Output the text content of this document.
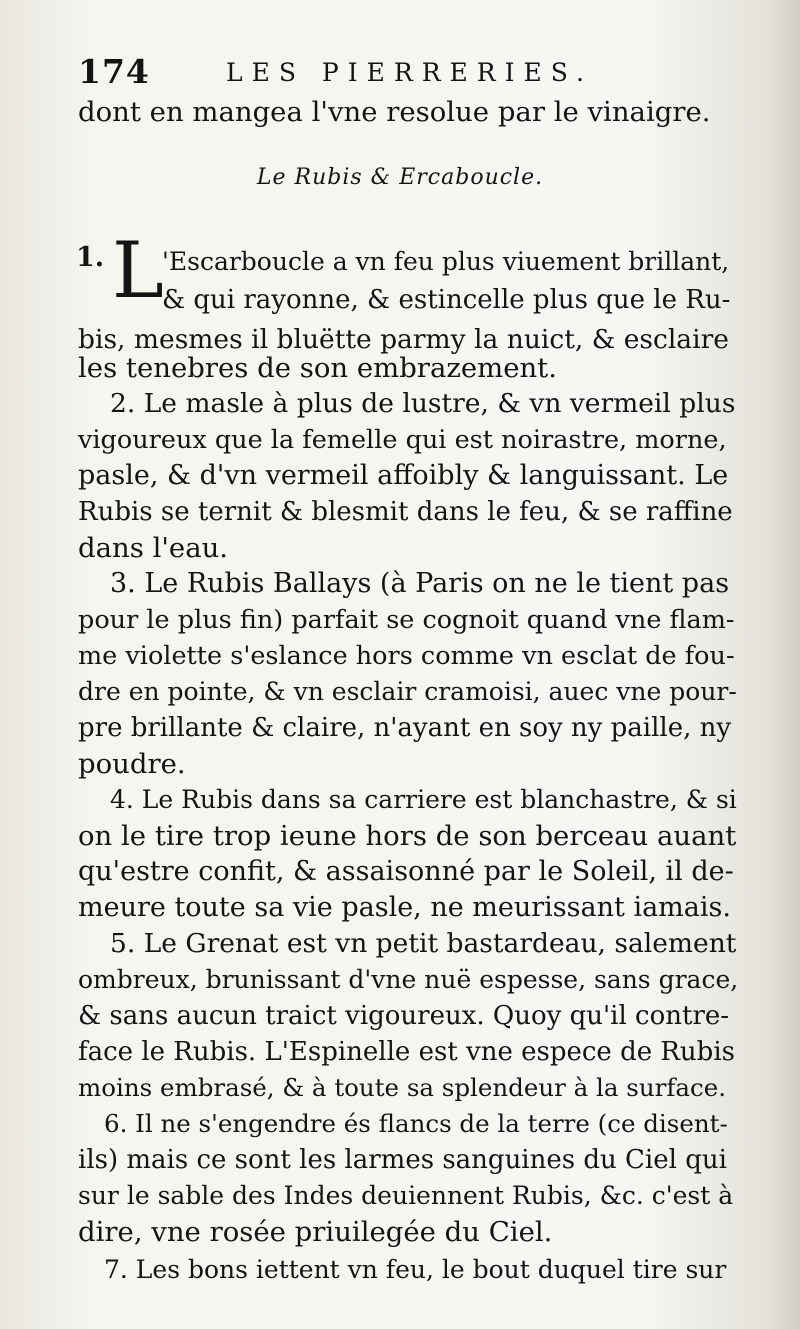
174	LES PIERRERIES.
dont en mangea l'vne resolue par le vinaigre.
Le Rubis & Ercaboucle.
1. L
'Escarboucle a vn feu plus viuement brillant,
& qui rayonne, & estincelle plus que le Ru-
bis, mesmes il bluëtte parmy la nuict, & esclaire
les tenebres de son embrazement.
2. Le masle à plus de lustre, & vn vermeil plus
vigoureux que la femelle qui est noirastre, morne,
pasle, & d'vn vermeil affoibly & languissant. Le
Rubis se ternit & blesmit dans le feu, & se raffine
dans l'eau.
3. Le Rubis Ballays (à Paris on ne le tient pas
pour le plus fin) parfait se cognoit quand vne flam-
me violette s'eslance hors comme vn esclat de fou-
dre en pointe, & vn esclair cramoisi, auec vne pour-
pre brillante & claire, n'ayant en soy ny paille, ny
poudre.
4. Le Rubis dans sa carriere est blanchastre, & si
on le tire trop ieune hors de son berceau auant
qu'estre confit, & assaisonné par le Soleil, il de-
meure toute sa vie pasle, ne meurissant iamais.
5. Le Grenat est vn petit bastardeau, salement
ombreux, brunissant d'vne nuë espesse, sans grace,
& sans aucun traict vigoureux. Quoy qu'il contre-
face le Rubis. L'Espinelle est vne espece de Rubis
moins embrasé, & à toute sa splendeur à la surface.
6. Il ne s'engendre és flancs de la terre (ce disent-
ils) mais ce sont les larmes sanguines du Ciel qui
sur le sable des Indes deuiennent Rubis, &c. c'est à
dire, vne rosée priuilegée du Ciel.
7. Les bons iettent vn feu, le bout duquel tire sur
